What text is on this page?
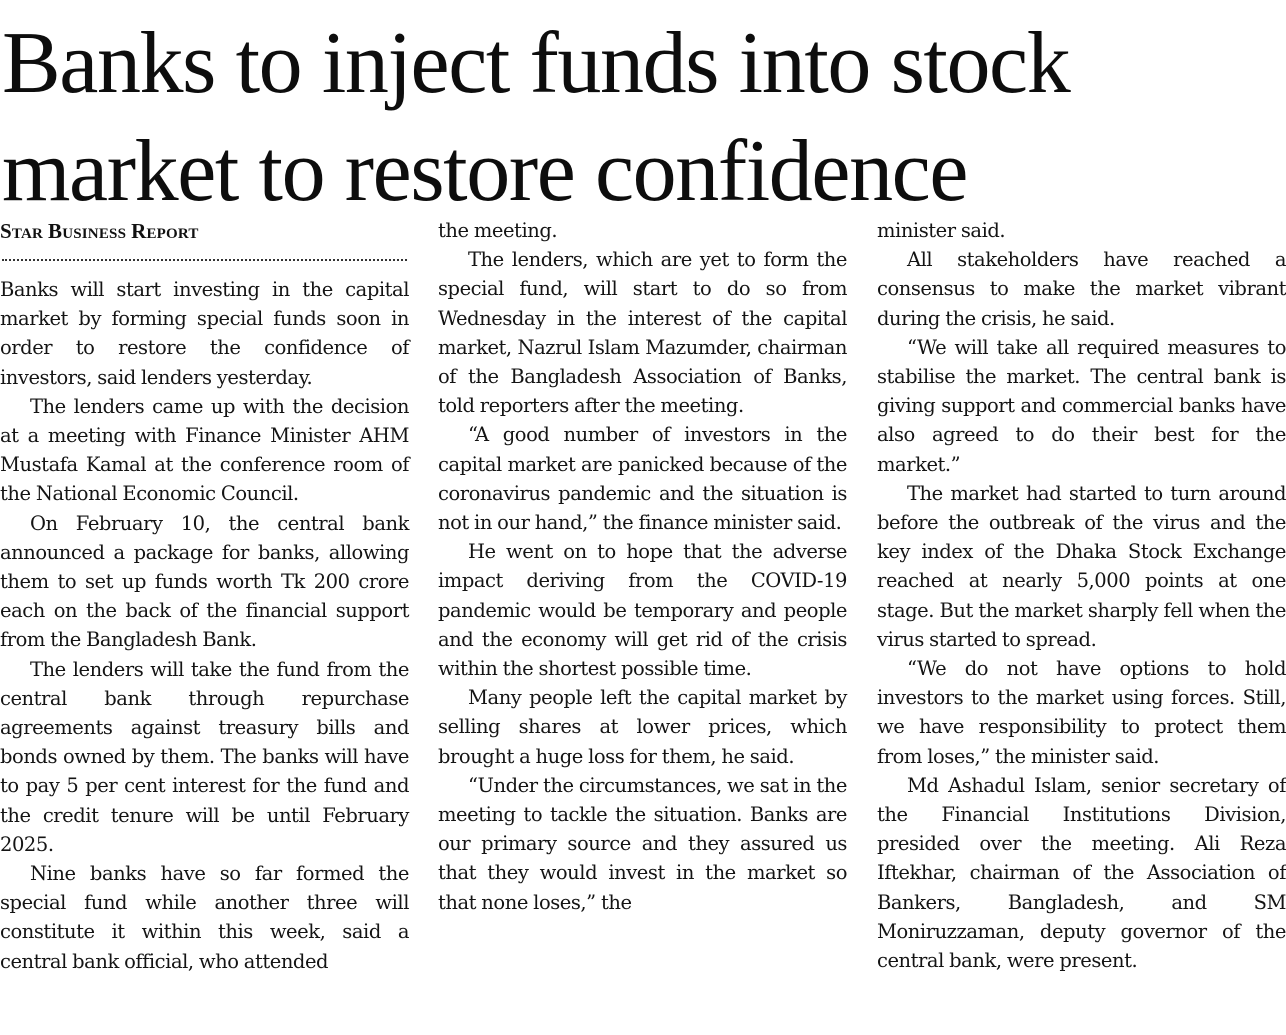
Banks to inject funds into stock
market to restore confidence
Star Business Report

Banks will start investing in the capital market by forming special funds soon in order to restore the confidence of investors, said lenders yesterday.

The lenders came up with the decision at a meeting with Finance Minister AHM Mustafa Kamal at the conference room of the National Economic Council.

On February 10, the central bank announced a package for banks, allowing them to set up funds worth Tk 200 crore each on the back of the financial support from the Bangladesh Bank.

The lenders will take the fund from the central bank through repurchase agreements against treasury bills and bonds owned by them. The banks will have to pay 5 per cent interest for the fund and the credit tenure will be until February 2025.

Nine banks have so far formed the special fund while another three will constitute it within this week, said a central bank official, who attended

the meeting.

The lenders, which are yet to form the special fund, will start to do so from Wednesday in the interest of the capital market, Nazrul Islam Mazumder, chairman of the Bangladesh Association of Banks, told reporters after the meeting.

“A good number of investors in the capital market are panicked because of the coronavirus pandemic and the situation is not in our hand,” the finance minister said.

He went on to hope that the adverse impact deriving from the COVID-19 pandemic would be temporary and people and the economy will get rid of the crisis within the shortest possible time.

Many people left the capital market by selling shares at lower prices, which brought a huge loss for them, he said.

“Under the circumstances, we sat in the meeting to tackle the situation. Banks are our primary source and they assured us that they would invest in the market so that none loses,” the

minister said.

All stakeholders have reached a consensus to make the market vibrant during the crisis, he said.

“We will take all required measures to stabilise the market. The central bank is giving support and commercial banks have also agreed to do their best for the market.”

The market had started to turn around before the outbreak of the virus and the key index of the Dhaka Stock Exchange reached at nearly 5,000 points at one stage. But the market sharply fell when the virus started to spread.

“We do not have options to hold investors to the market using forces. Still, we have responsibility to protect them from loses,” the minister said.

Md Ashadul Islam, senior secretary of the Financial Institutions Division, presided over the meeting. Ali Reza Iftekhar, chairman of the Association of Bankers, Bangladesh, and SM Moniruzzaman, deputy governor of the central bank, were present.
